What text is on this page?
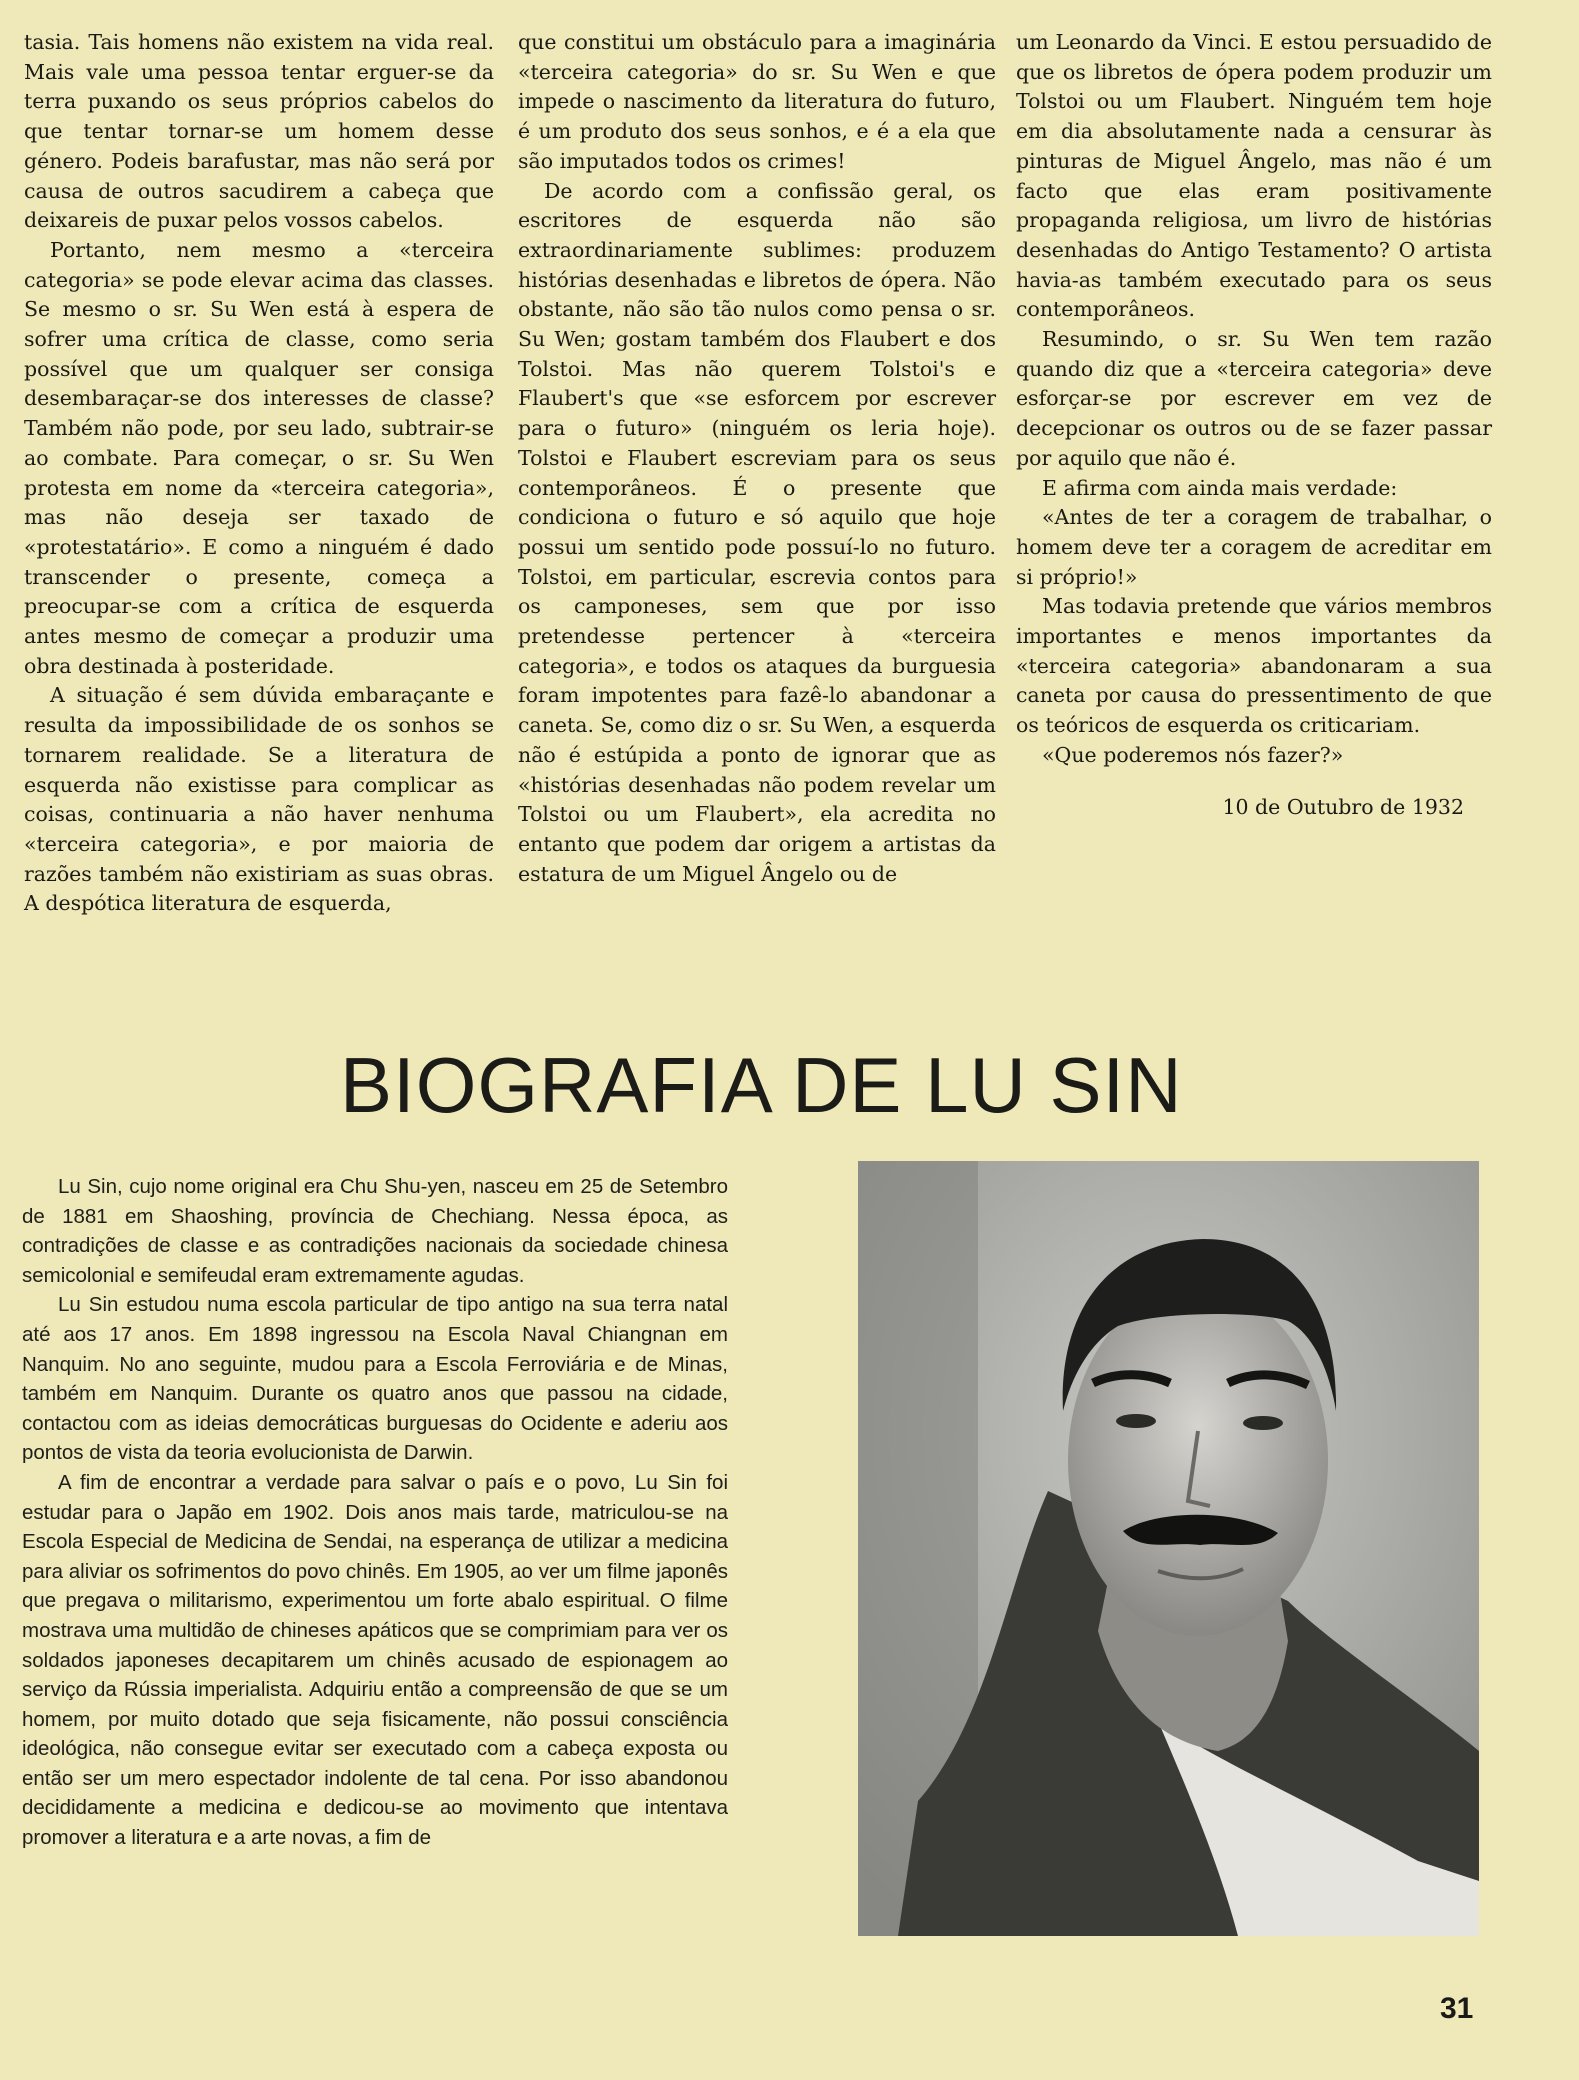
tasia. Tais homens não existem na vida real. Mais vale uma pessoa tentar erguer-se da terra puxando os seus próprios cabelos do que tentar tornar-se um homem desse género. Podeis barafustar, mas não será por causa de outros sacudirem a cabeça que deixareis de puxar pelos vossos cabelos.

Portanto, nem mesmo a «terceira categoria» se pode elevar acima das classes. Se mesmo o sr. Su Wen está à espera de sofrer uma crítica de classe, como seria possível que um qualquer ser consiga desembaraçar-se dos interesses de classe? Também não pode, por seu lado, subtrair-se ao combate. Para começar, o sr. Su Wen protesta em nome da «terceira categoria», mas não deseja ser taxado de «protestatário». E como a ninguém é dado transcender o presente, começa a preocupar-se com a crítica de esquerda antes mesmo de começar a produzir uma obra destinada à posteridade.

A situação é sem dúvida embaraçante e resulta da impossibilidade de os sonhos se tornarem realidade. Se a literatura de esquerda não existisse para complicar as coisas, continuaria a não haver nenhuma «terceira categoria», e por maioria de razões também não existiriam as suas obras. A despótica literatura de esquerda,

que constitui um obstáculo para a imaginária «terceira categoria» do sr. Su Wen e que impede o nascimento da literatura do futuro, é um produto dos seus sonhos, e é a ela que são imputados todos os crimes!

De acordo com a confissão geral, os escritores de esquerda não são extraordinariamente sublimes: produzem histórias desenhadas e libretos de ópera. Não obstante, não são tão nulos como pensa o sr. Su Wen; gostam também dos Flaubert e dos Tolstoi. Mas não querem Tolstoi's e Flaubert's que «se esforcem por escrever para o futuro» (ninguém os leria hoje). Tolstoi e Flaubert escreviam para os seus contemporâneos. É o presente que condiciona o futuro e só aquilo que hoje possui um sentido pode possuí-lo no futuro. Tolstoi, em particular, escrevia contos para os camponeses, sem que por isso pretendesse pertencer à «terceira categoria», e todos os ataques da burguesia foram impotentes para fazê-lo abandonar a caneta. Se, como diz o sr. Su Wen, a esquerda não é estúpida a ponto de ignorar que as «histórias desenhadas não podem revelar um Tolstoi ou um Flaubert», ela acredita no entanto que podem dar origem a artistas da estatura de um Miguel Ângelo ou de

um Leonardo da Vinci. E estou persuadido de que os libretos de ópera podem produzir um Tolstoi ou um Flaubert. Ninguém tem hoje em dia absolutamente nada a censurar às pinturas de Miguel Ângelo, mas não é um facto que elas eram positivamente propaganda religiosa, um livro de histórias desenhadas do Antigo Testamento? O artista havia-as também executado para os seus contemporâneos.

Resumindo, o sr. Su Wen tem razão quando diz que a «terceira categoria» deve esforçar-se por escrever em vez de decepcionar os outros ou de se fazer passar por aquilo que não é.

E afirma com ainda mais verdade:

«Antes de ter a coragem de trabalhar, o homem deve ter a coragem de acreditar em si próprio!»

Mas todavia pretende que vários membros importantes e menos importantes da «terceira categoria» abandonaram a sua caneta por causa do pressentimento de que os teóricos de esquerda os criticariam.

«Que poderemos nós fazer?»

10 de Outubro de 1932

BIOGRAFIA DE LU SIN

Lu Sin, cujo nome original era Chu Shu-yen, nasceu em 25 de Setembro de 1881 em Shaoshing, província de Chechiang. Nessa época, as contradições de classe e as contradições nacionais da sociedade chinesa semicolonial e semifeudal eram extremamente agudas.

Lu Sin estudou numa escola particular de tipo antigo na sua terra natal até aos 17 anos. Em 1898 ingressou na Escola Naval Chiangnan em Nanquim. No ano seguinte, mudou para a Escola Ferroviária e de Minas, também em Nanquim. Durante os quatro anos que passou na cidade, contactou com as ideias democráticas burguesas do Ocidente e aderiu aos pontos de vista da teoria evolucionista de Darwin.

A fim de encontrar a verdade para salvar o país e o povo, Lu Sin foi estudar para o Japão em 1902. Dois anos mais tarde, matriculou-se na Escola Especial de Medicina de Sendai, na esperança de utilizar a medicina para aliviar os sofrimentos do povo chinês. Em 1905, ao ver um filme japonês que pregava o militarismo, experimentou um forte abalo espiritual. O filme mostrava uma multidão de chineses apáticos que se comprimiam para ver os soldados japoneses decapitarem um chinês acusado de espionagem ao serviço da Rússia imperialista. Adquiriu então a compreensão de que se um homem, por muito dotado que seja fisicamente, não possui consciência ideológica, não consegue evitar ser executado com a cabeça exposta ou então ser um mero espectador indolente de tal cena. Por isso abandonou decididamente a medicina e dedicou-se ao movimento que intentava promover a literatura e a arte novas, a fim de

31
